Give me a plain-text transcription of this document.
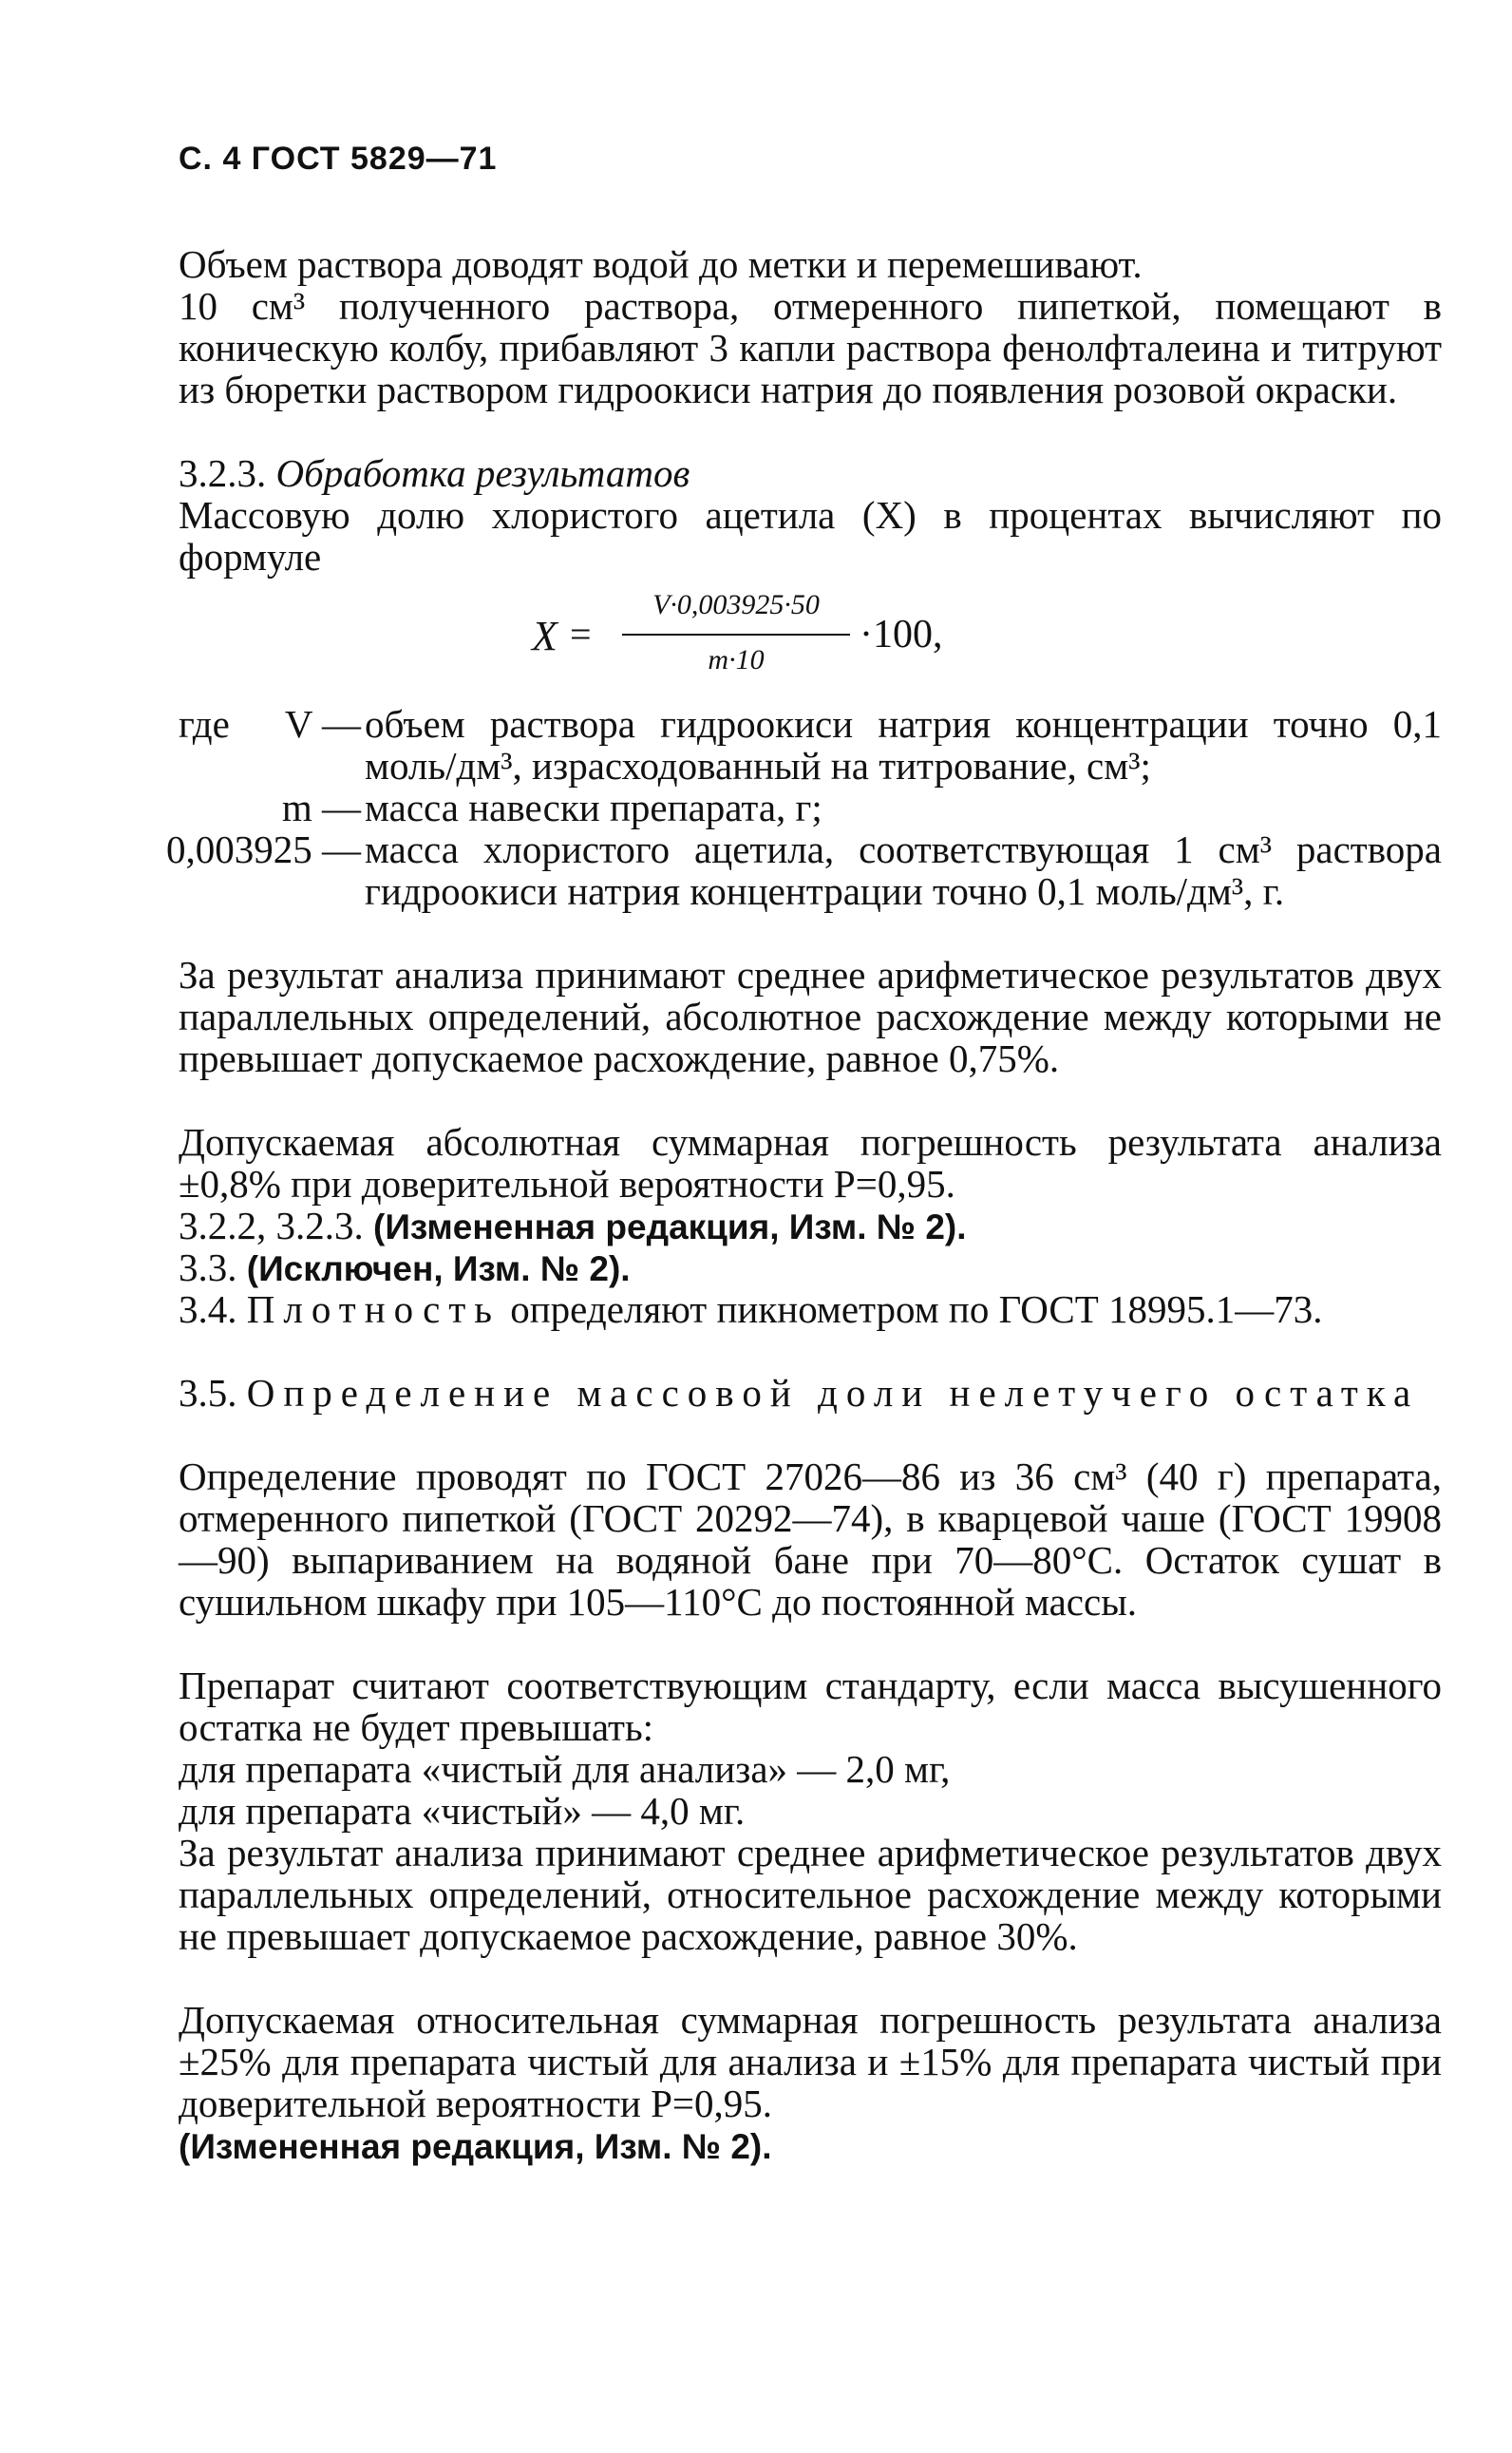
С. 4 ГОСТ 5829—71

Объем раствора доводят водой до метки и перемешивают.

10 см³ полученного раствора, отмеренного пипеткой, помещают в коническую колбу, прибавляют 3 капли раствора фенолфталеина и титруют из бюретки раствором гидроокиси натрия до появления розовой окраски.

3.2.3. Обработка результатов

Массовую долю хлористого ацетила (X) в процентах вычисляют по формуле

X =
V·0,003925·50
m·10
·100,
где	V — объем раствора гидроокиси натрия концентрации точно 0,1 моль/дм³, израсходованный на титрование, см³;
m — масса навески препарата, г;
0,003925 — масса хлористого ацетила, соответствующая 1 см³ раствора гидроокиси натрия концентрации точно 0,1 моль/дм³, г.

За результат анализа принимают среднее арифметическое результатов двух параллельных определений, абсолютное расхождение между которыми не превышает допускаемое расхождение, равное 0,75%.

Допускаемая абсолютная суммарная погрешность результата анализа ±0,8% при доверительной вероятности P=0,95.

3.2.2, 3.2.3. (Измененная редакция, Изм. № 2).

3.3. (Исключен, Изм. № 2).

3.4. Плотность определяют пикнометром по ГОСТ 18995.1—73.

3.5. Определение массовой доли нелетучего остатка

Определение проводят по ГОСТ 27026—86 из 36 см³ (40 г) препарата, отмеренного пипеткой (ГОСТ 20292—74), в кварцевой чаше (ГОСТ 19908—90) выпариванием на водяной бане при 70—80°С. Остаток сушат в сушильном шкафу при 105—110°С до постоянной массы.

Препарат считают соответствующим стандарту, если масса высушенного остатка не будет превышать:

для препарата «чистый для анализа» — 2,0 мг,

для препарата «чистый» — 4,0 мг.

За результат анализа принимают среднее арифметическое результатов двух параллельных определений, относительное расхождение между которыми не превышает допускаемое расхождение, равное 30%.

Допускаемая относительная суммарная погрешность результата анализа ±25% для препарата чистый для анализа и ±15% для препарата чистый при доверительной вероятности P=0,95.

(Измененная редакция, Изм. № 2).
